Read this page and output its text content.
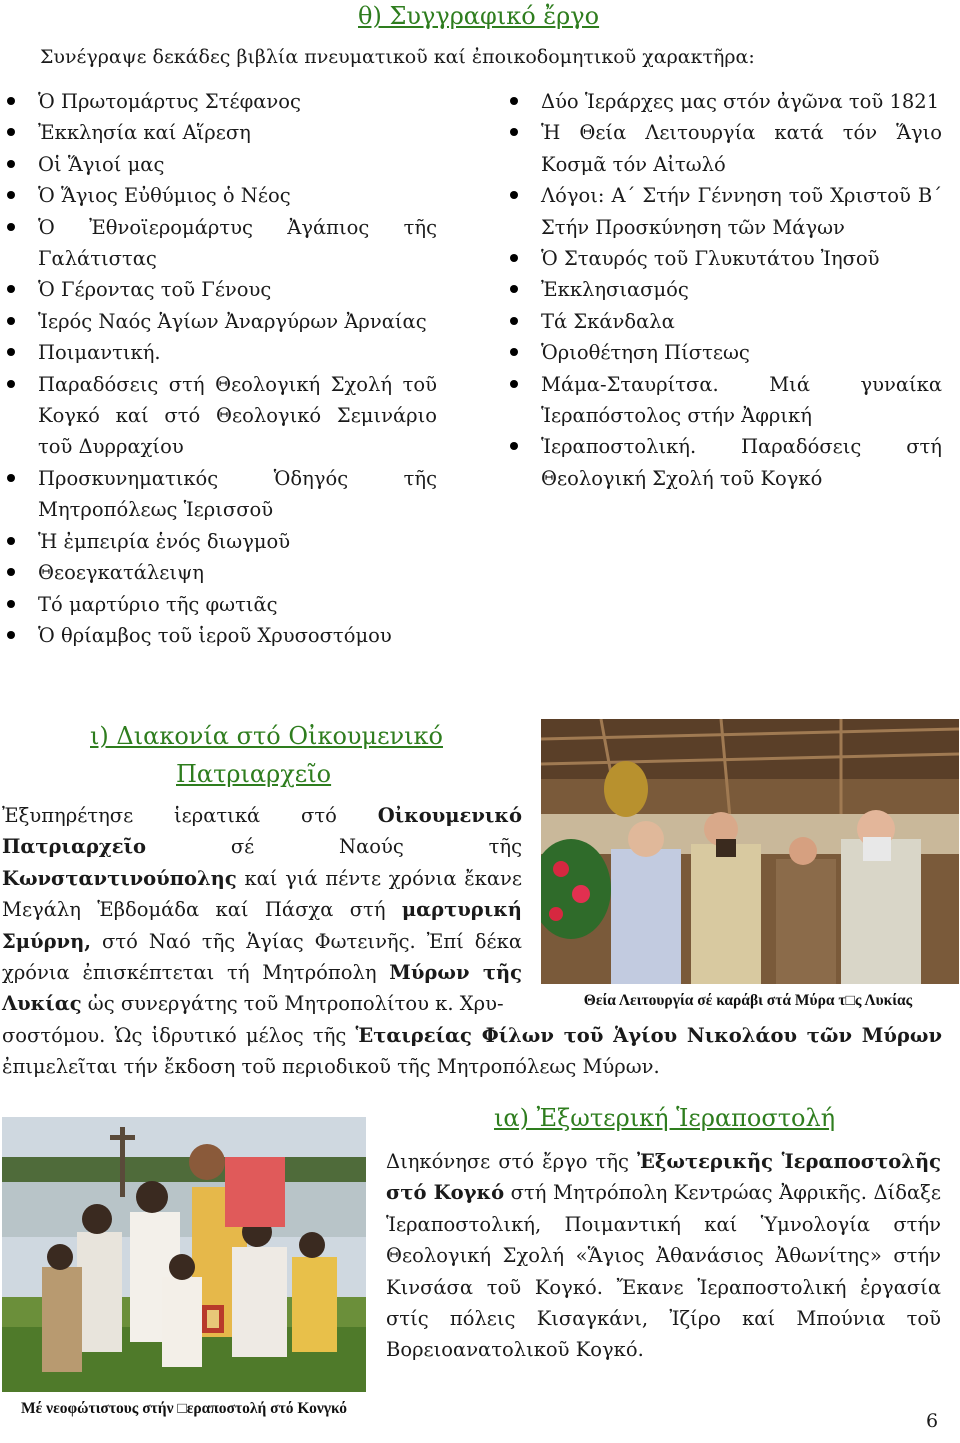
θ) Συγγραφικό ἔργο
Συνέγραψε δεκάδες βιβλία πνευματικοῦ καί ἐποικοδομητικοῦ χαρακτῆρα:
Ὁ Πρωτομάρτυς Στέφανος
Ἐκκλησία καί Αἵρεση
Οἱ Ἅγιοί μας
Ὁ Ἅγιος Εὐθύμιος ὁ Νέος
Ὁ Ἐθνοϊερομάρτυς Ἀγάπιος τῆς Γαλάτιστας
Ὁ Γέροντας τοῦ Γένους
Ἱερός Ναός Ἁγίων Ἀναργύρων Ἀρναίας
Ποιμαντική.
Παραδόσεις στή Θεολογική Σχολή τοῦ Κογκό καί στό Θεολογικό Σεμινάριο τοῦ Δυρραχίου
Προσκυνηματικός Ὁδηγός τῆς Μητροπόλεως Ἱερισσοῦ
Ἡ ἐμπειρία ἑνός διωγμοῦ
Θεοεγκατάλειψη
Τό μαρτύριο τῆς φωτιᾶς
Ὁ θρίαμβος τοῦ ἱεροῦ Χρυσοστόμου
Δύο Ἱεράρχες μας στόν ἀγῶνα τοῦ 1821
Ἡ Θεία Λειτουργία κατά τόν Ἅγιο Κοσμᾶ τόν Αἰτωλό
Λόγοι: Α΄ Στήν Γέννηση τοῦ Χριστοῦ Β΄ Στήν Προσκύνηση τῶν Μάγων
Ὁ Σταυρός τοῦ Γλυκυτάτου Ἰησοῦ
Ἐκκλησιασμός
Τά Σκάνδαλα
Ὁριοθέτηση Πίστεως
Μάμα-Σταυρίτσα. Μιά γυναίκα Ἱεραπόστολος στήν Ἀφρική
Ἱεραποστολική. Παραδόσεις στή Θεολογική Σχολή τοῦ Κογκό
ι) Διακονία στό Οἰκουμενικό
Πατριαρχεῖο
Ἐξυπηρέτησε ἱερατικά στό Οἰκουμενικό Πατριαρχεῖο σέ Ναούς τῆς Κωνσταντινούπολης καί γιά πέντε χρόνια ἔκανε Μεγάλη Ἑβδομάδα καί Πάσχα στή μαρτυρική Σμύρνη, στό Ναό τῆς Ἁγίας Φωτεινῆς. Ἐπί δέκα χρόνια ἐπισκέπτεται τή Μητρόπολη Μύρων τῆς Λυκίας ὡς συνεργάτης τοῦ Μητροπολίτου κ. Χρυ-
σοστόμου. Ὡς ἱδρυτικό μέλος τῆς Ἑταιρείας Φίλων τοῦ Ἁγίου Νικολάου τῶν Μύρων ἐπιμελεῖται τήν ἔκδοση τοῦ περιοδικοῦ τῆς Μητροπόλεως Μύρων.
Θεία Λειτουργία σέ καράβι στά Μύρα τ□ς Λυκίας
ια) Ἐξωτερική Ἱεραποστολή
Μέ νεοφώτιστους στήν □εραποστολή στό Κονγκό
Διηκόνησε στό ἔργο τῆς Ἐξωτερικῆς Ἱεραποστολῆς στό Κογκό στή Μητρόπολη Κεντρώας Ἀφρικῆς. Δίδαξε Ἱεραποστολική, Ποιμαντική καί Ὑμνολογία στήν Θεολογική Σχολή «Ἅγιος Ἀθανάσιος Ἀθωνίτης» στήν Κινσάσα τοῦ Κογκό. Ἔκανε Ἱεραποστολική ἐργασία στίς πόλεις Κισαγκάνι, Ἰζίρο καί Μπούνια τοῦ Βορειοανατολικοῦ Κογκό.
6
